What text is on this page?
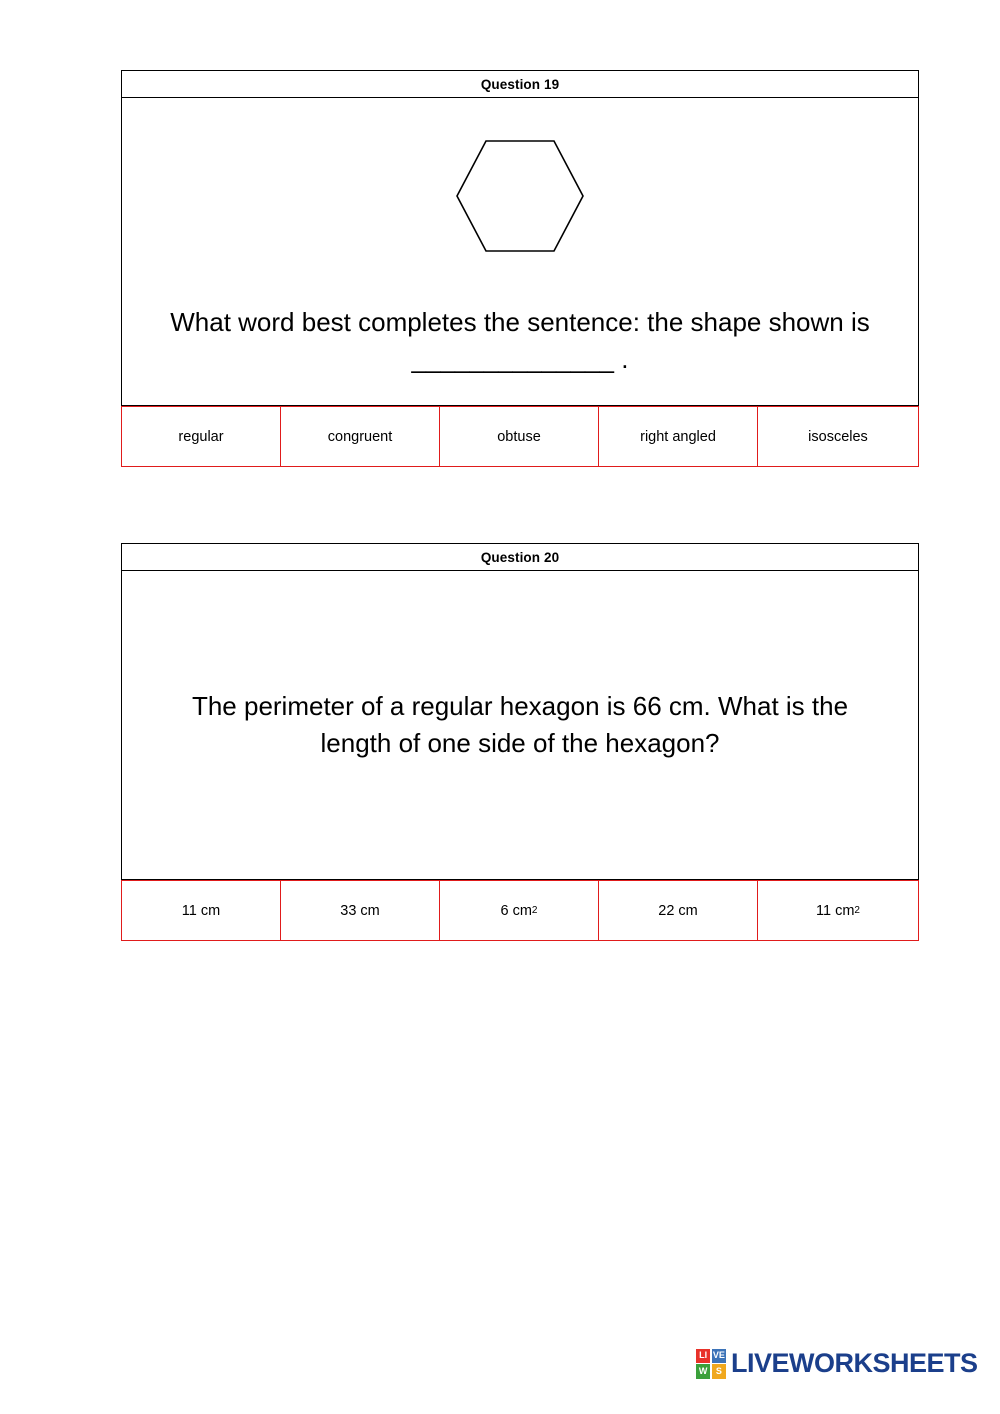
Question 19
What word best completes the sentence: the shape shown is
______________ .
regular	congruent	obtuse	right angled	isosceles
Question 20
The perimeter of a regular hexagon is 66 cm. What is the
length of one side of the hexagon?
11 cm	33 cm	6 cm 2	22 cm	11 cm 2
LI VE
W S LIVEWORKSHEETS
